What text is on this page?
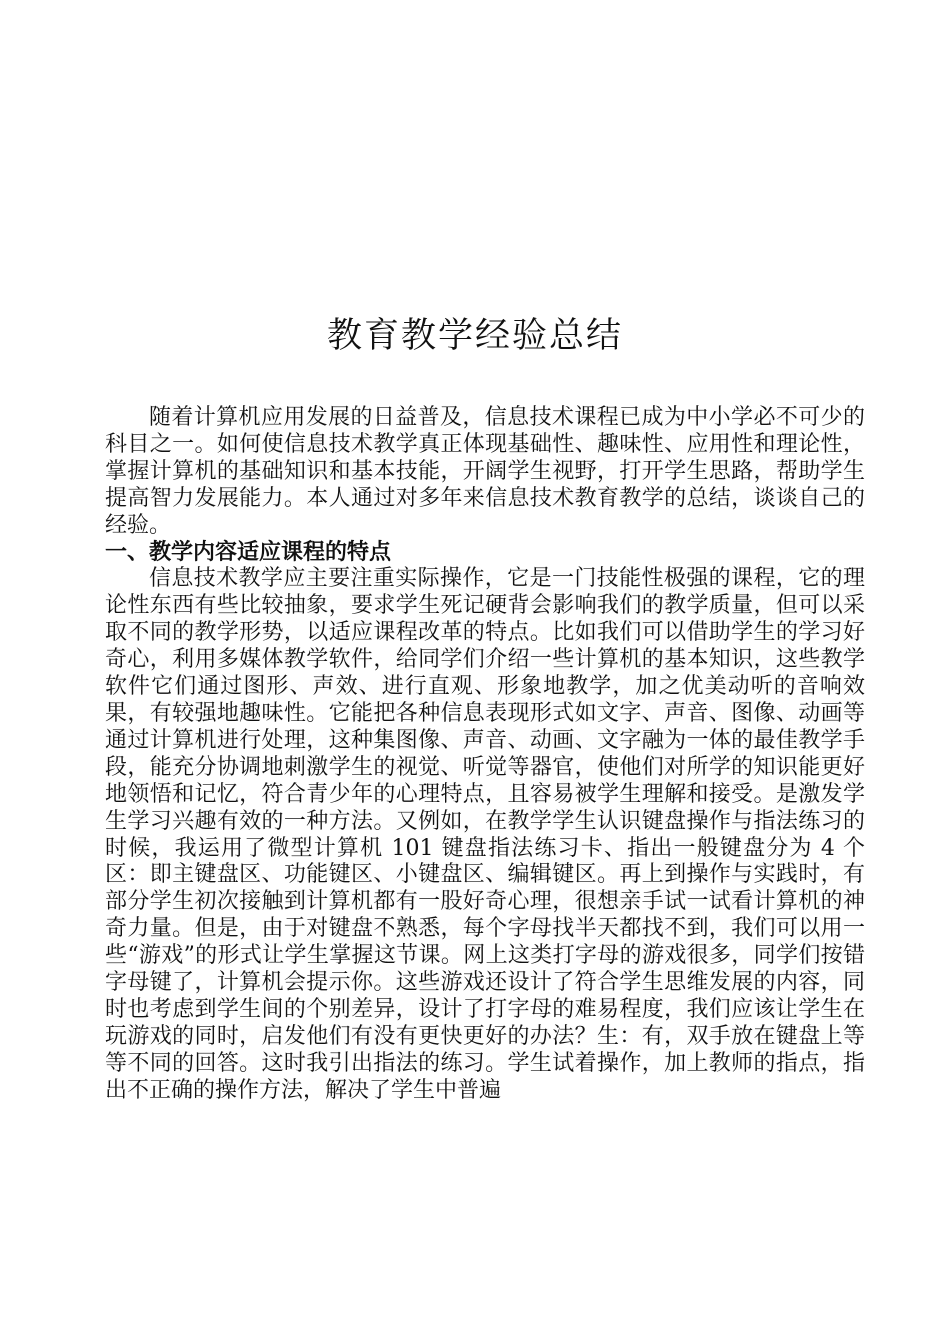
教育教学经验总结

随着计算机应用发展的日益普及，信息技术课程已成为中小学必不可少的科目之一。如何使信息技术教学真正体现基础性、趣味性、应用性和理论性，掌握计算机的基础知识和基本技能，开阔学生视野，打开学生思路，帮助学生提高智力发展能力。本人通过对多年来信息技术教育教学的总结，谈谈自己的经验。

一、教学内容适应课程的特点

信息技术教学应主要注重实际操作，它是一门技能性极强的课程，它的理论性东西有些比较抽象，要求学生死记硬背会影响我们的教学质量，但可以采取不同的教学形势，以适应课程改革的特点。比如我们可以借助学生的学习好奇心，利用多媒体教学软件，给同学们介绍一些计算机的基本知识，这些教学软件它们通过图形、声效、进行直观、形象地教学，加之优美动听的音响效果，有较强地趣味性。它能把各种信息表现形式如文字、声音、图像、动画等通过计算机进行处理，这种集图像、声音、动画、文字融为一体的最佳教学手段，能充分协调地刺激学生的视觉、听觉等器官，使他们对所学的知识能更好地领悟和记忆，符合青少年的心理特点，且容易被学生理解和接受。是激发学生学习兴趣有效的一种方法。又例如，在教学学生认识键盘操作与指法练习的时候，我运用了微型计算机 101 键盘指法练习卡、指出一般键盘分为 4 个区：即主键盘区、功能键区、小键盘区、编辑键区。再上到操作与实践时，有部分学生初次接触到计算机都有一股好奇心理，很想亲手试一试看计算机的神奇力量。但是，由于对键盘不熟悉，每个字母找半天都找不到，我们可以用一些“游戏”的形式让学生掌握这节课。网上这类打字母的游戏很多，同学们按错字母键了，计算机会提示你。这些游戏还设计了符合学生思维发展的内容，同时也考虑到学生间的个别差异，设计了打字母的难易程度，我们应该让学生在玩游戏的同时，启发他们有没有更快更好的办法？生：有，双手放在键盘上等等不同的回答。这时我引出指法的练习。学生试着操作，加上教师的指点，指出不正确的操作方法，解决了学生中普遍
